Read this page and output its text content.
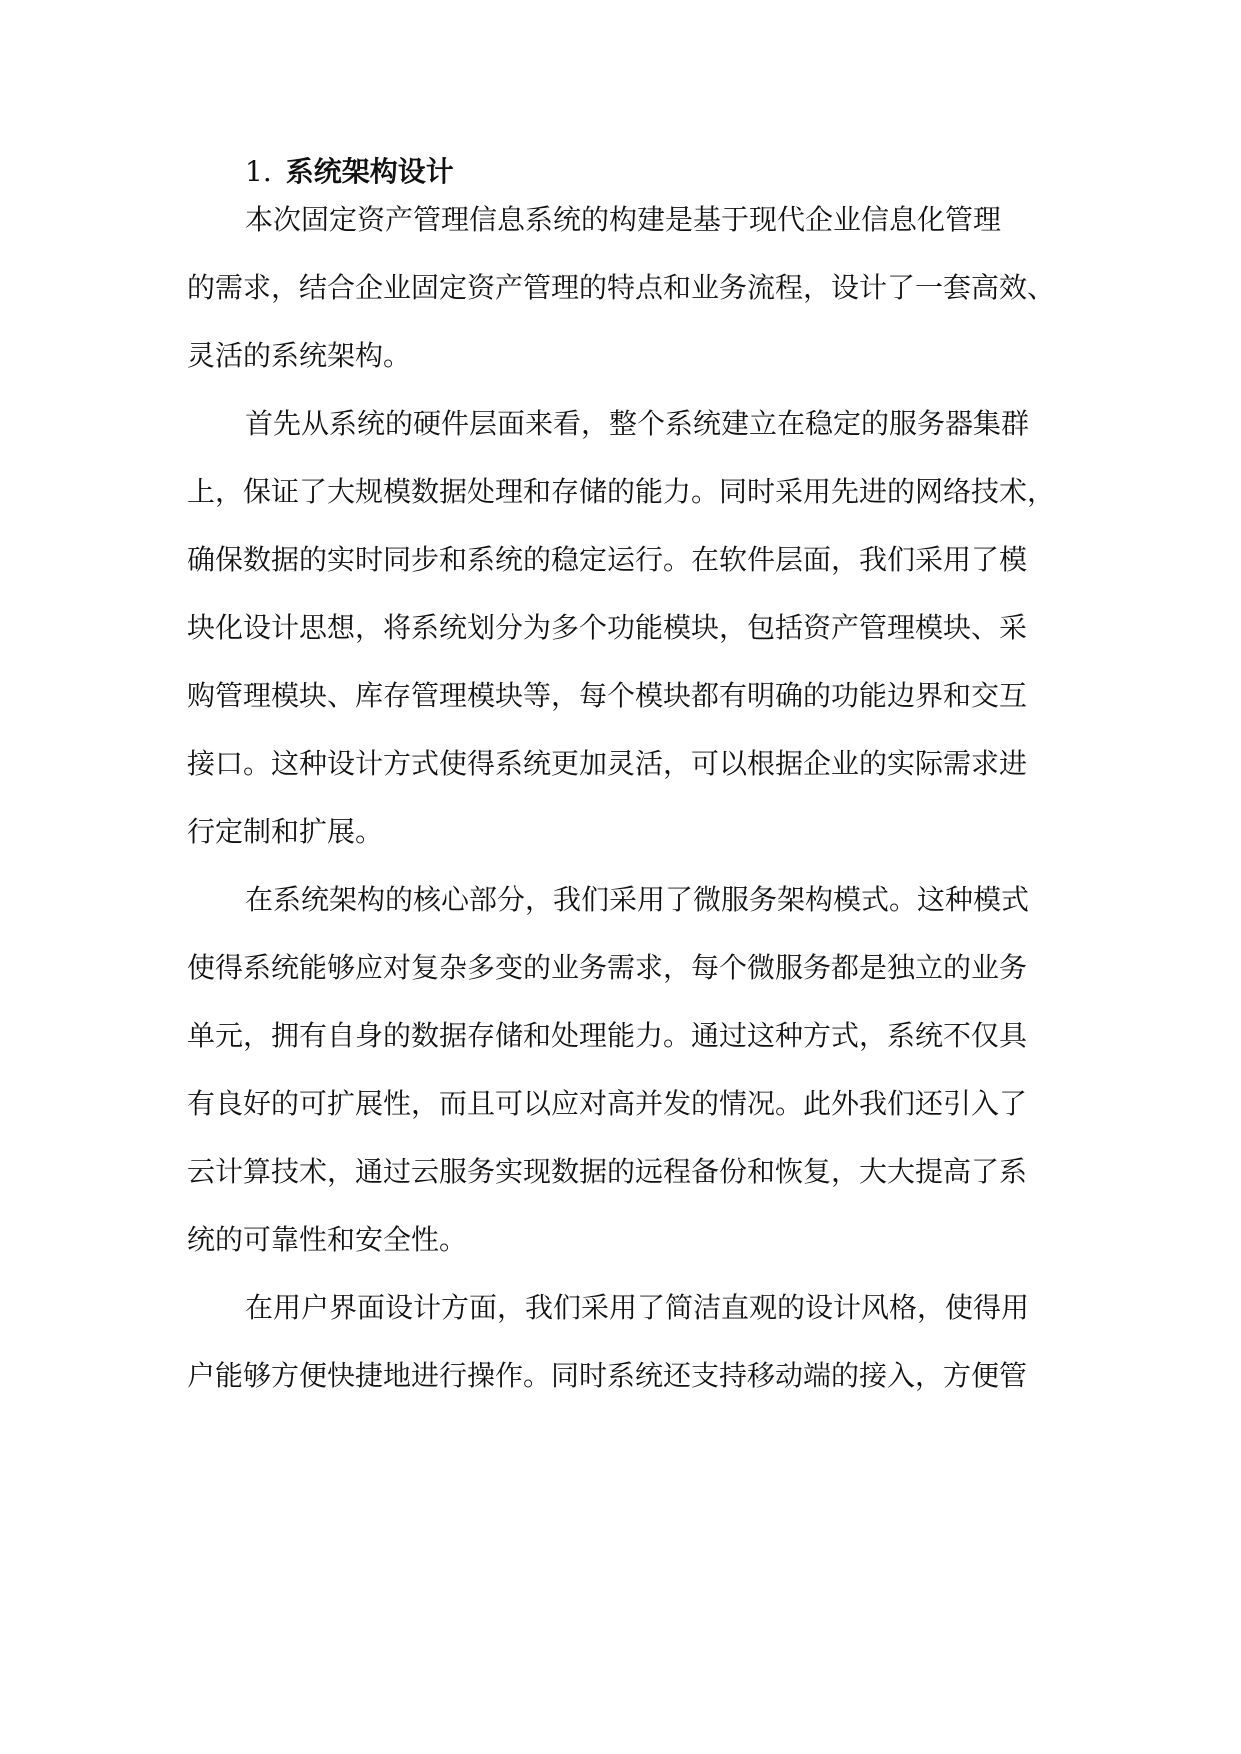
1. 系统架构设计
本次固定资产管理信息系统的构建是基于现代企业信息化管理
的需求，结合企业固定资产管理的特点和业务流程，设计了一套高效、
灵活的系统架构。
首先从系统的硬件层面来看，整个系统建立在稳定的服务器集群
上，保证了大规模数据处理和存储的能力。同时采用先进的网络技术，
确保数据的实时同步和系统的稳定运行。在软件层面，我们采用了模
块化设计思想，将系统划分为多个功能模块，包括资产管理模块、采
购管理模块、库存管理模块等，每个模块都有明确的功能边界和交互
接口。这种设计方式使得系统更加灵活，可以根据企业的实际需求进
行定制和扩展。
在系统架构的核心部分，我们采用了微服务架构模式。这种模式
使得系统能够应对复杂多变的业务需求，每个微服务都是独立的业务
单元，拥有自身的数据存储和处理能力。通过这种方式，系统不仅具
有良好的可扩展性，而且可以应对高并发的情况。此外我们还引入了
云计算技术，通过云服务实现数据的远程备份和恢复，大大提高了系
统的可靠性和安全性。
在用户界面设计方面，我们采用了简洁直观的设计风格，使得用
户能够方便快捷地进行操作。同时系统还支持移动端的接入，方便管
